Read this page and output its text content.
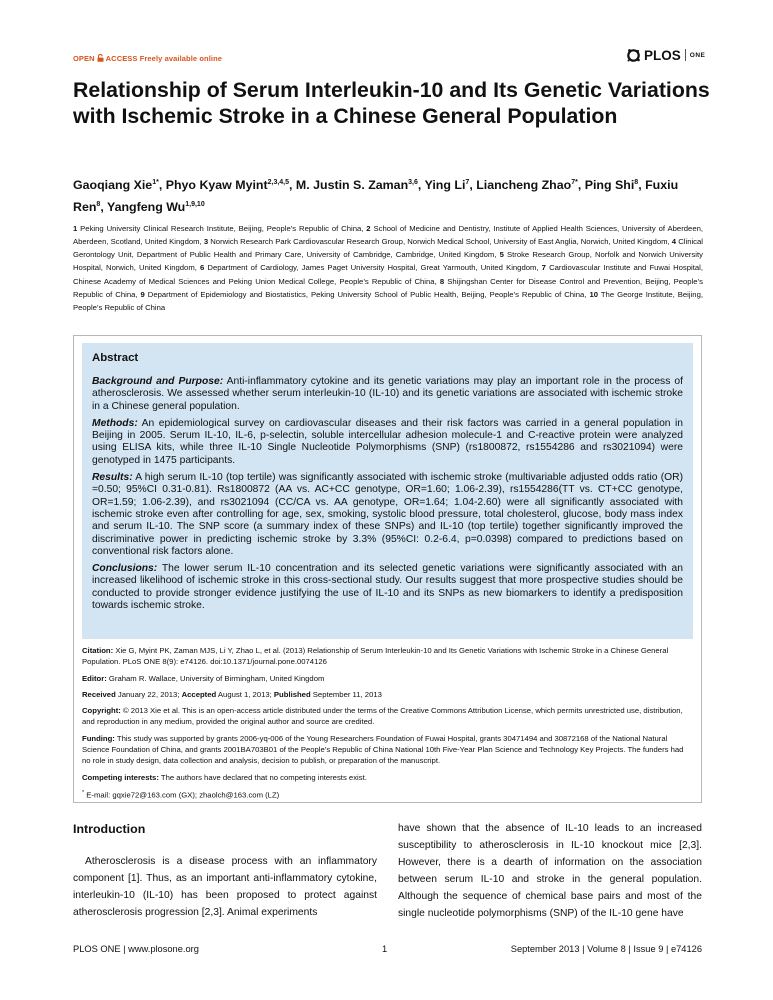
OPEN ACCESS Freely available online	PLOS ONE
Relationship of Serum Interleukin-10 and Its Genetic Variations with Ischemic Stroke in a Chinese General Population

Gaoqiang Xie$^{1*}$, Phyo Kyaw Myint$^{2,3,4,5}$, M. Justin S. Zaman$^{3,6}$, Ying Li$^7$, Liancheng Zhao$^{7*}$, Ping Shi$^8$, Fuxiu Ren$^8$, Yangfeng Wu$^{1,9,10}$

1 Peking University Clinical Research Institute, Beijing, People’s Republic of China, 2 School of Medicine and Dentistry, Institute of Applied Health Sciences, University of Aberdeen, Aberdeen, Scotland, United Kingdom, 3 Norwich Research Park Cardiovascular Research Group, Norwich Medical School, University of East Anglia, Norwich, United Kingdom, 4 Clinical Gerontology Unit, Department of Public Health and Primary Care, University of Cambridge, Cambridge, United Kingdom, 5 Stroke Research Group, Norfolk and Norwich University Hospital, Norwich, United Kingdom, 6 Department of Cardiology, James Paget University Hospital, Great Yarmouth, United Kingdom, 7 Cardiovascular Institute and Fuwai Hospital, Chinese Academy of Medical Sciences and Peking Union Medical College, People’s Republic of China, 8 Shijingshan Center for Disease Control and Prevention, Beijing, People’s Republic of China, 9 Department of Epidemiology and Biostatistics, Peking University School of Public Health, Beijing, People’s Republic of China, 10 The George Institute, Beijing, People’s Republic of China

Abstract

Background and Purpose: Anti-inflammatory cytokine and its genetic variations may play an important role in the process of atherosclerosis. We assessed whether serum interleukin-10 (IL-10) and its genetic variations are associated with ischemic stroke in a Chinese general population.

Methods: An epidemiological survey on cardiovascular diseases and their risk factors was carried in a general population in Beijing in 2005. Serum IL-10, IL-6, p-selectin, soluble intercellular adhesion molecule-1 and C-reactive protein were analyzed using ELISA kits, while three IL-10 Single Nucleotide Polymorphisms (SNP) (rs1800872, rs1554286 and rs3021094) were genotyped in 1475 participants.

Results: A high serum IL-10 (top tertile) was significantly associated with ischemic stroke (multivariable adjusted odds ratio (OR) =0.50; 95%CI 0.31-0.81). Rs1800872 (AA vs. AC+CC genotype, OR=1.60; 1.06-2.39), rs1554286(TT vs. CT+CC genotype, OR=1.59; 1.06-2.39), and rs3021094 (CC/CA vs. AA genotype, OR=1.64; 1.04-2.60) were all significantly associated with ischemic stroke even after controlling for age, sex, smoking, systolic blood pressure, total cholesterol, glucose, body mass index and serum IL-10. The SNP score (a summary index of these SNPs) and IL-10 (top tertile) together significantly improved the discriminative power in predicting ischemic stroke by 3.3% (95%CI: 0.2-6.4, p=0.0398) compared to predictions based on conventional risk factors alone.

Conclusions: The lower serum IL-10 concentration and its selected genetic variations were significantly associated with an increased likelihood of ischemic stroke in this cross-sectional study. Our results suggest that more prospective studies should be conducted to provide stronger evidence justifying the use of IL-10 and its SNPs as new biomarkers to identify a predisposition towards ischemic stroke.

Citation: Xie G, Myint PK, Zaman MJS, Li Y, Zhao L, et al. (2013) Relationship of Serum Interleukin-10 and Its Genetic Variations with Ischemic Stroke in a Chinese General Population. PLoS ONE 8(9): e74126. doi:10.1371/journal.pone.0074126

Editor: Graham R. Wallace, University of Birmingham, United Kingdom

Received January 22, 2013; Accepted August 1, 2013; Published September 11, 2013

Copyright: © 2013 Xie et al. This is an open-access article distributed under the terms of the Creative Commons Attribution License, which permits unrestricted use, distribution, and reproduction in any medium, provided the original author and source are credited.

Funding: This study was supported by grants 2006-yq-006 of the Young Researchers Foundation of Fuwai Hospital, grants 30471494 and 30872168 of the National Natural Science Foundation of China, and grants 2001BA703B01 of the People’s Republic of China National 10th Five-Year Plan Science and Technology Key Projects. The funders had no role in study design, data collection and analysis, decision to publish, or preparation of the manuscript.

Competing interests: The authors have declared that no competing interests exist.

* E-mail: gqxie72@163.com (GX); zhaolch@163.com (LZ)

Introduction

Atherosclerosis is a disease process with an inflammatory component [1]. Thus, as an important anti-inflammatory cytokine, interleukin-10 (IL-10) has been proposed to protect against atherosclerosis progression [2,3]. Animal experiments

have shown that the absence of IL-10 leads to an increased susceptibility to atherosclerosis in IL-10 knockout mice [2,3]. However, there is a dearth of information on the association between serum IL-10 and stroke in the general population. Although the sequence of chemical base pairs and most of the single nucleotide polymorphisms (SNP) of the IL-10 gene have

PLOS ONE | www.plosone.org	1	September 2013 | Volume 8 | Issue 9 | e74126
